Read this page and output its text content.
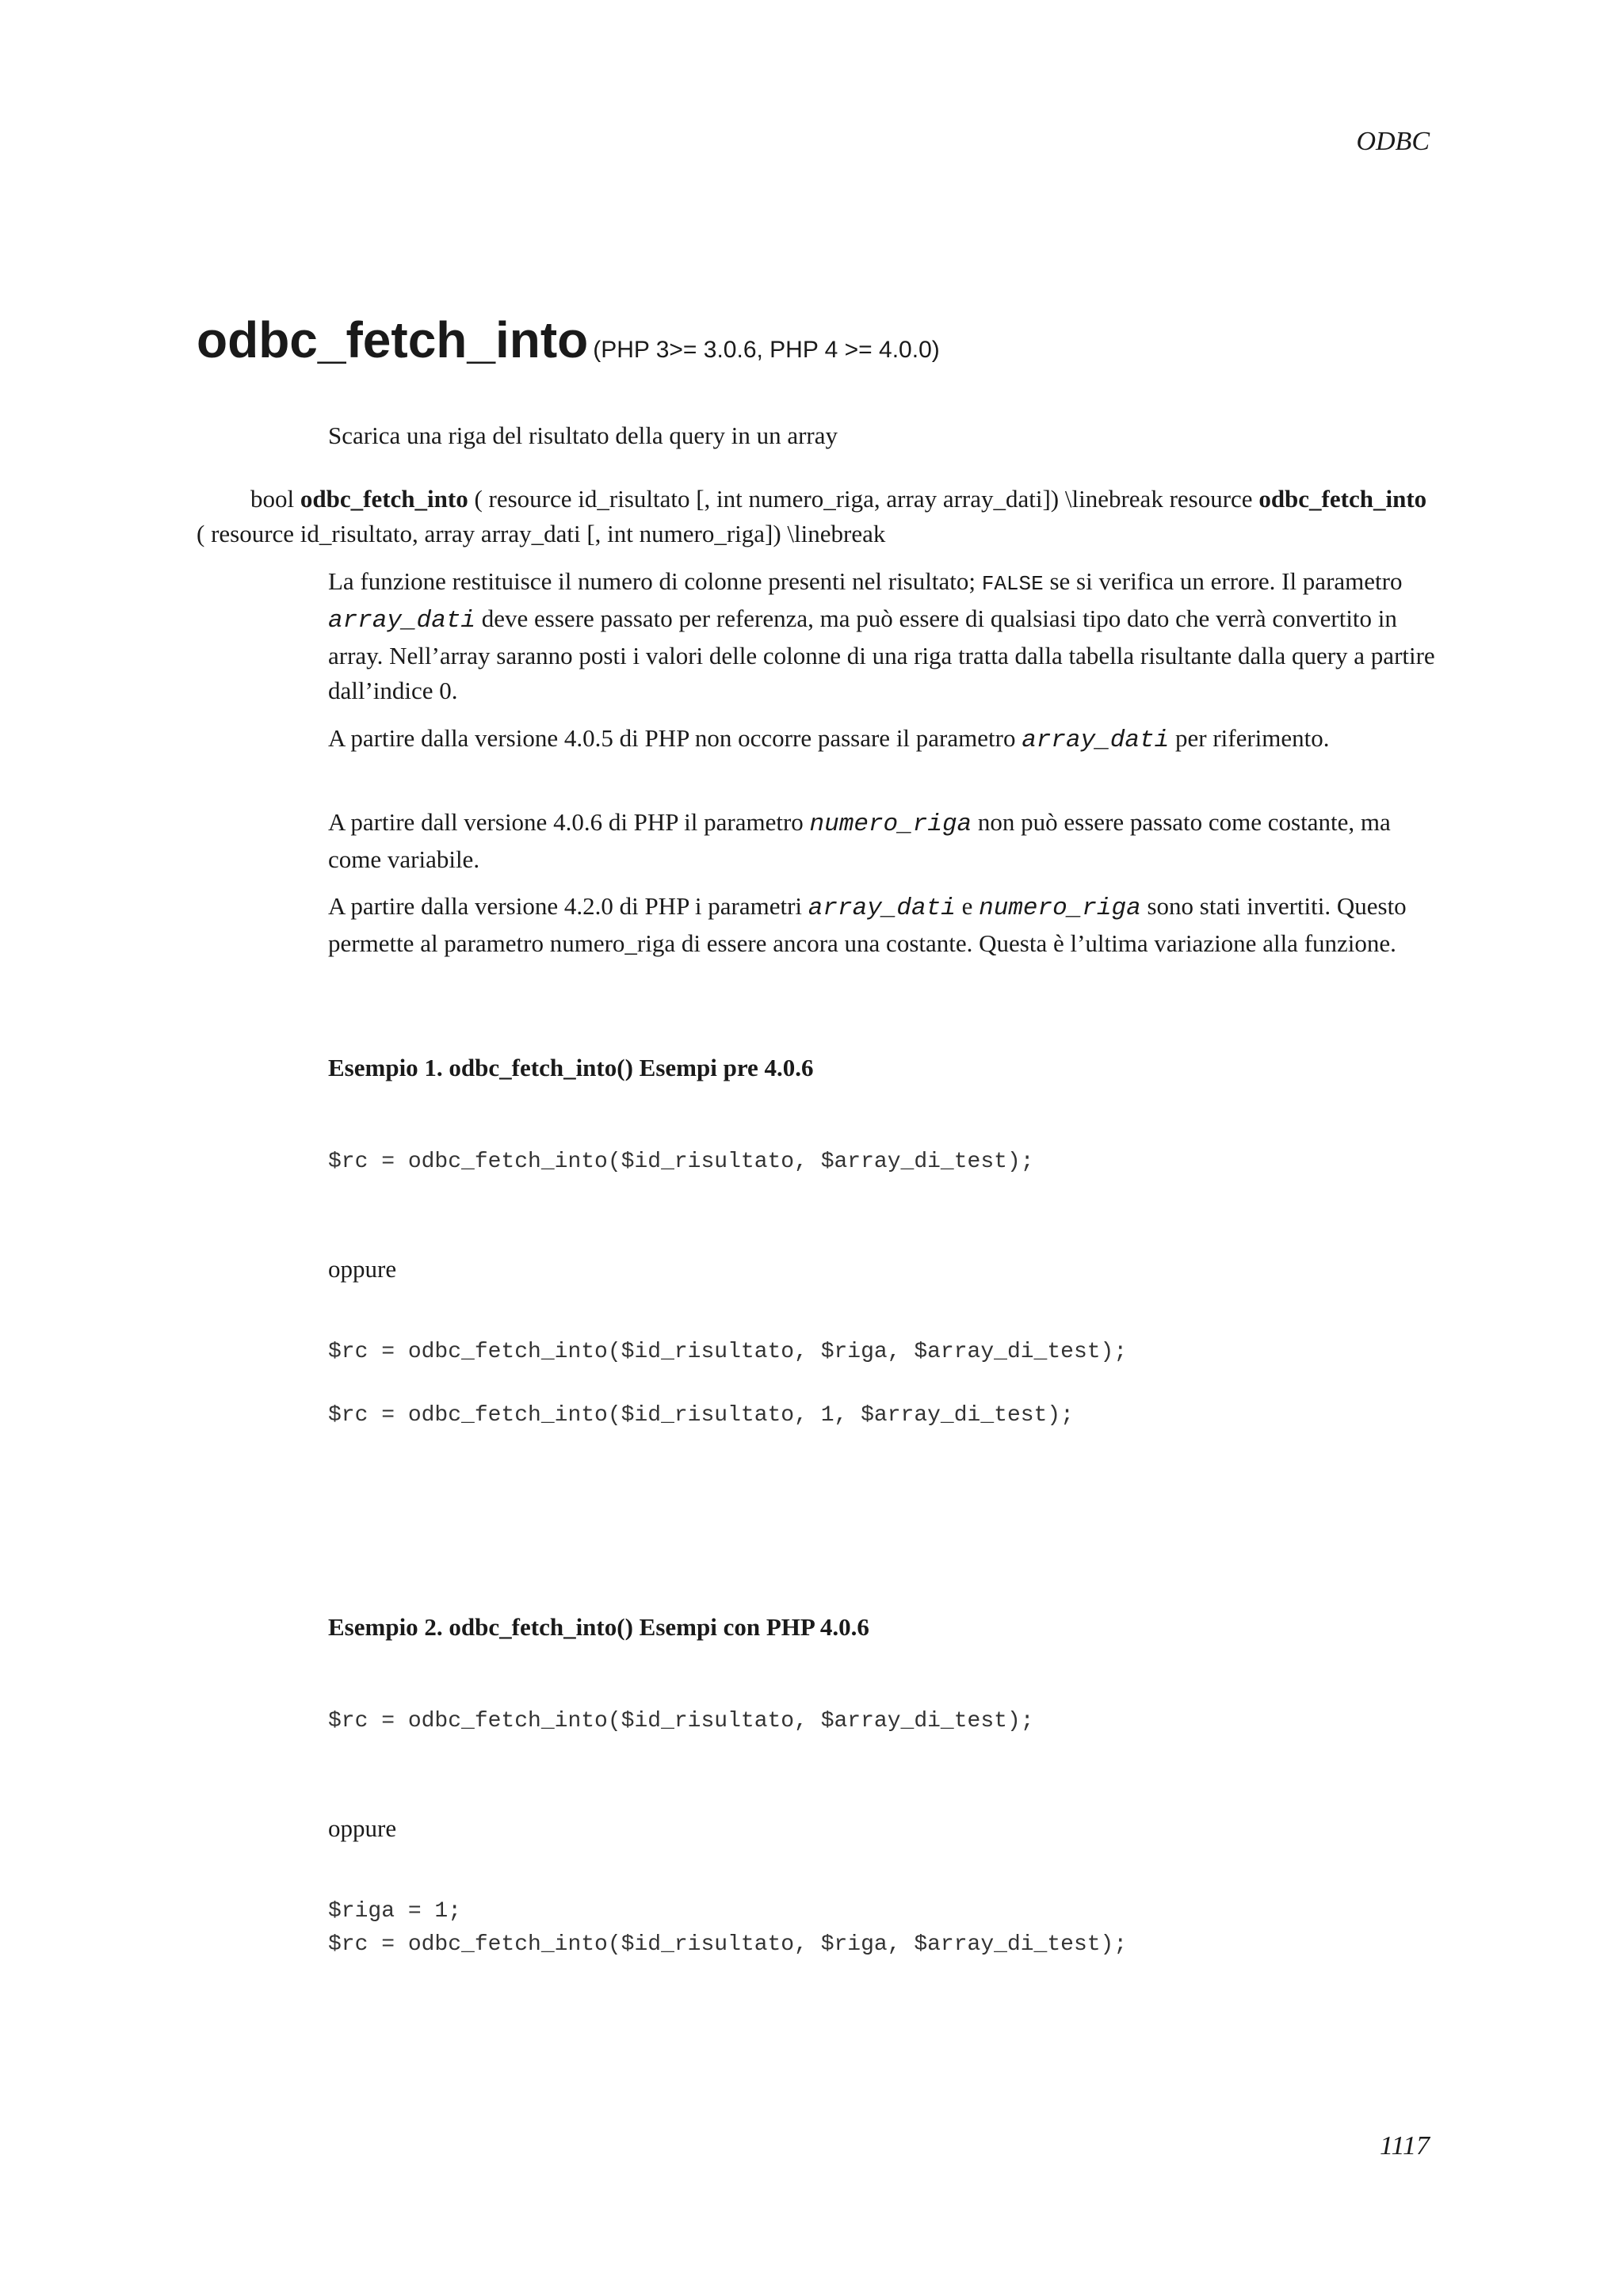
ODBC
odbc_fetch_into (PHP 3>= 3.0.6, PHP 4 >= 4.0.0)
Scarica una riga del risultato della query in un array
bool odbc_fetch_into ( resource id_risultato [, int numero_riga, array array_dati]) \linebreak resource odbc_fetch_into
( resource id_risultato, array array_dati [, int numero_riga]) \linebreak
La funzione restituisce il numero di colonne presenti nel risultato; FALSE se si verifica un errore. Il parametro array_dati deve essere passato per referenza, ma può essere di qualsiasi tipo dato che verrà convertito in array. Nell’array saranno posti i valori delle colonne di una riga tratta dalla tabella risultante dalla query a partire dall’indice 0.
A partire dalla versione 4.0.5 di PHP non occorre passare il parametro array_dati per riferimento.
A partire dall versione 4.0.6 di PHP il parametro numero_riga non può essere passato come costante, ma come variabile.
A partire dalla versione 4.2.0 di PHP i parametri array_dati e numero_riga sono stati invertiti. Questo permette al parametro numero_riga di essere ancora una costante. Questa è l’ultima variazione alla funzione.
Esempio 1. odbc_fetch_into() Esempi pre 4.0.6
$rc = odbc_fetch_into($id_risultato, $array_di_test);
oppure
$rc = odbc_fetch_into($id_risultato, $riga, $array_di_test);
$rc = odbc_fetch_into($id_risultato, 1, $array_di_test);
Esempio 2. odbc_fetch_into() Esempi con PHP 4.0.6
$rc = odbc_fetch_into($id_risultato, $array_di_test);
oppure
$riga = 1;
$rc = odbc_fetch_into($id_risultato, $riga, $array_di_test);
1117
